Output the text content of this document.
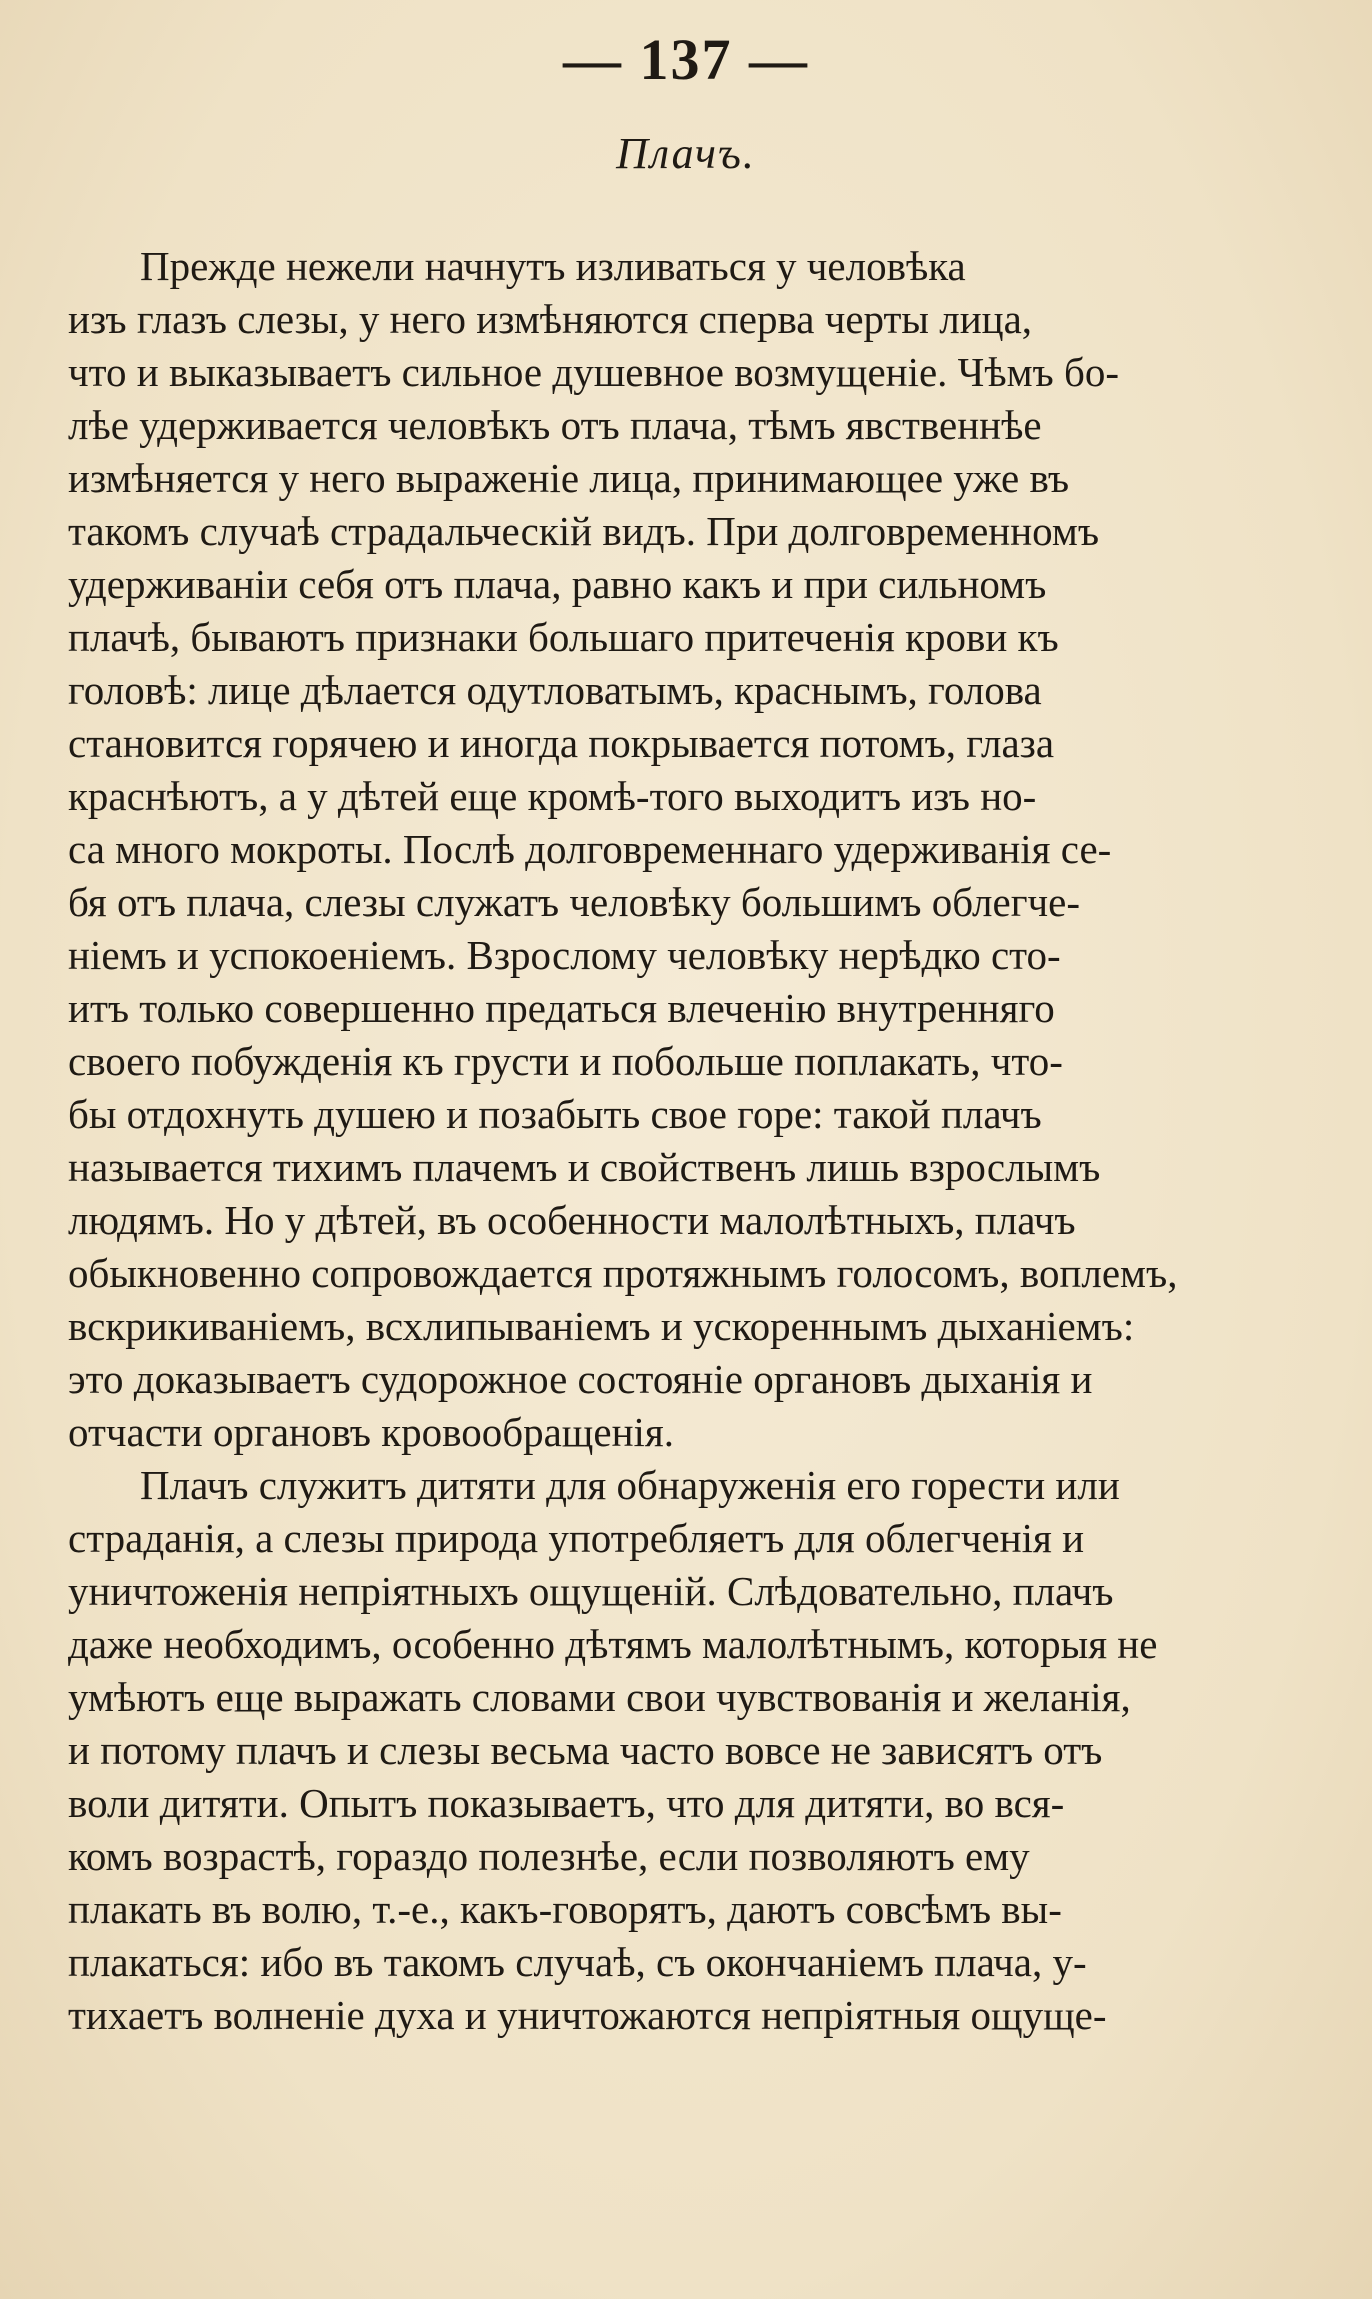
— 137 —
Плачъ.
Прежде нежели начнутъ изливаться у человѣка
изъ глазъ слезы, у него измѣняются сперва черты лица,
что и выказываетъ сильное душевное возмущеніе. Чѣмъ бо-
лѣе удерживается человѣкъ отъ плача, тѣмъ явственнѣе
измѣняется у него выраженіе лица, принимающее уже въ
такомъ случаѣ страдальческій видъ. При долговременномъ
удерживаніи себя отъ плача, равно какъ и при сильномъ
плачѣ, бываютъ признаки большаго притеченія крови къ
головѣ: лице дѣлается одутловатымъ, краснымъ, голова
становится горячею и иногда покрывается потомъ, глаза
краснѣютъ, а у дѣтей еще кромѣ-того выходитъ изъ но-
са много мокроты. Послѣ долговременнаго удерживанія се-
бя отъ плача, слезы служатъ человѣку большимъ облегче-
ніемъ и успокоеніемъ. Взрослому человѣку нерѣдко сто-
итъ только совершенно предаться влеченію внутренняго
своего побужденія къ грусти и побольше поплакать, что-
бы отдохнуть душею и позабыть свое горе: такой плачъ
называется тихимъ плачемъ и свойственъ лишь взрослымъ
людямъ. Но у дѣтей, въ особенности малолѣтныхъ, плачъ
обыкновенно сопровождается протяжнымъ голосомъ, воплемъ,
вскрикиваніемъ, всхлипываніемъ и ускореннымъ дыханіемъ:
это доказываетъ судорожное состояніе органовъ дыханія и
отчасти органовъ кровообращенія.
Плачъ служитъ дитяти для обнаруженія его горести или
страданія, а слезы природа употребляетъ для облегченія и
уничтоженія непріятныхъ ощущеній. Слѣдовательно, плачъ
даже необходимъ, особенно дѣтямъ малолѣтнымъ, которыя не
умѣютъ еще выражать словами свои чувствованія и желанія,
и потому плачъ и слезы весьма часто вовсе не зависятъ отъ
воли дитяти. Опытъ показываетъ, что для дитяти, во вся-
комъ возрастѣ, гораздо полезнѣе, если позволяютъ ему
плакать въ волю, т.-е., какъ-говорятъ, даютъ совсѣмъ вы-
плакаться: ибо въ такомъ случаѣ, съ окончаніемъ плача, у-
тихаетъ волненіе духа и уничтожаются непріятныя ощуще-
